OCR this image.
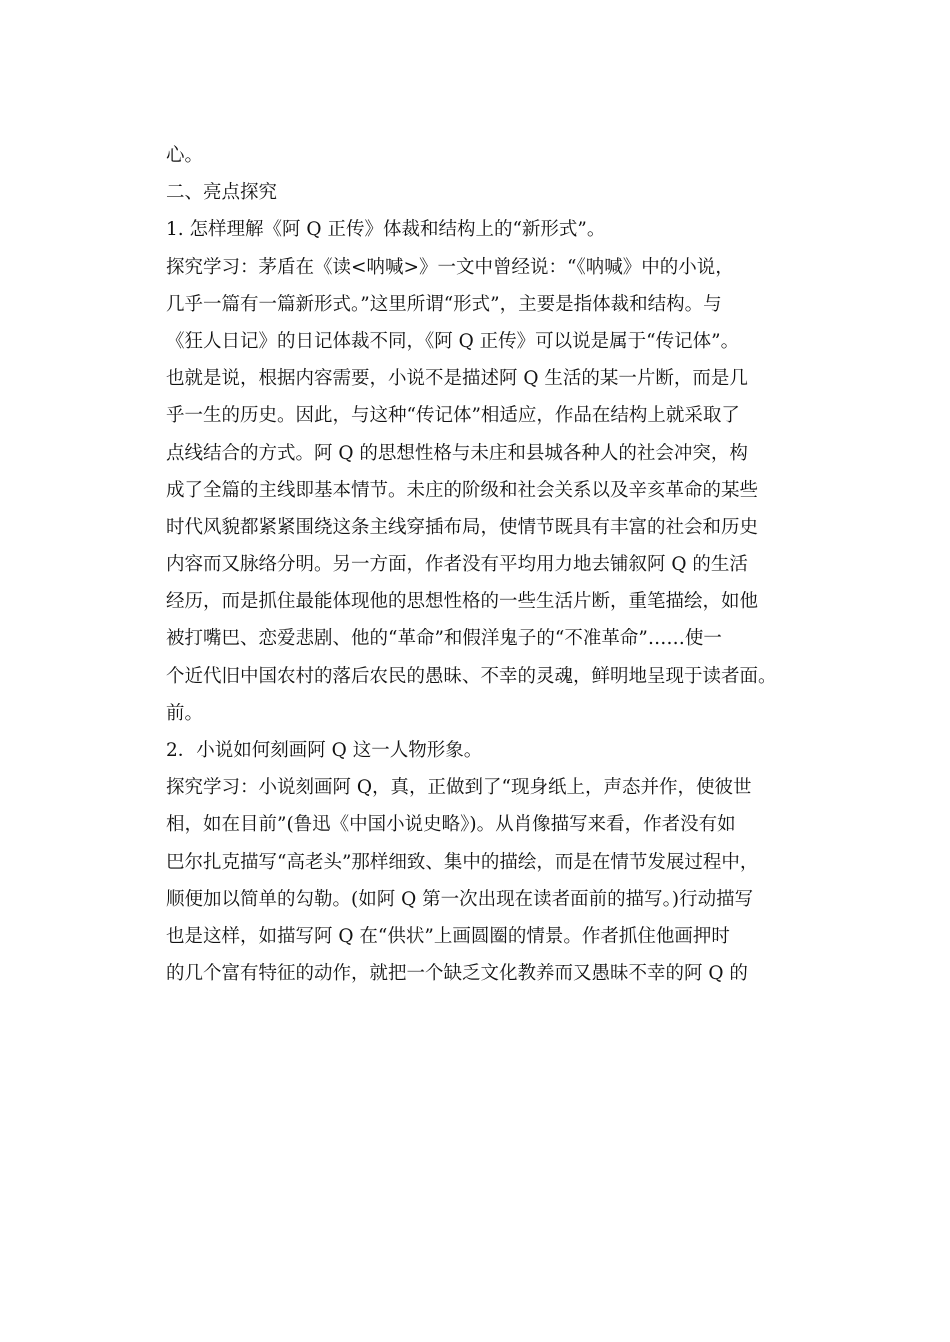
心。
二、亮点探究
1. 怎样理解《阿 Q 正传》体裁和结构上的“新形式”。
探究学习：茅盾在《读<呐喊>》一文中曾经说：“《呐喊》中的小说，
几乎一篇有一篇新形式。”这里所谓“形式”，主要是指体裁和结构。与
《狂人日记》的日记体裁不同，《阿 Q 正传》可以说是属于“传记体”。
也就是说，根据内容需要，小说不是描述阿 Q 生活的某一片断，而是几
乎一生的历史。因此，与这种“传记体”相适应，作品在结构上就采取了
点线结合的方式。阿 Q 的思想性格与未庄和县城各种人的社会冲突，构
成了全篇的主线即基本情节。未庄的阶级和社会关系以及辛亥革命的某些
时代风貌都紧紧围绕这条主线穿插布局，使情节既具有丰富的社会和历史
内容而又脉络分明。另一方面，作者没有平均用力地去铺叙阿 Q 的生活
经历，而是抓住最能体现他的思想性格的一些生活片断，重笔描绘，如他
被打嘴巴、恋爱悲剧、他的“革命”和假洋鬼子的“不准革命”……使一
个近代旧中国农村的落后农民的愚昧、不幸的灵魂，鲜明地呈现于读者面。
前。
2．小说如何刻画阿 Q 这一人物形象。
探究学习：小说刻画阿 Q，真，正做到了“现身纸上，声态并作，使彼世
相，如在目前”(鲁迅《中国小说史略》)。从肖像描写来看，作者没有如
巴尔扎克描写“高老头”那样细致、集中的描绘，而是在情节发展过程中，
顺便加以简单的勾勒。(如阿 Q 第一次出现在读者面前的描写。)行动描写
也是这样，如描写阿 Q 在“供状”上画圆圈的情景。作者抓住他画押时
的几个富有特征的动作，就把一个缺乏文化教养而又愚昧不幸的阿 Q 的
